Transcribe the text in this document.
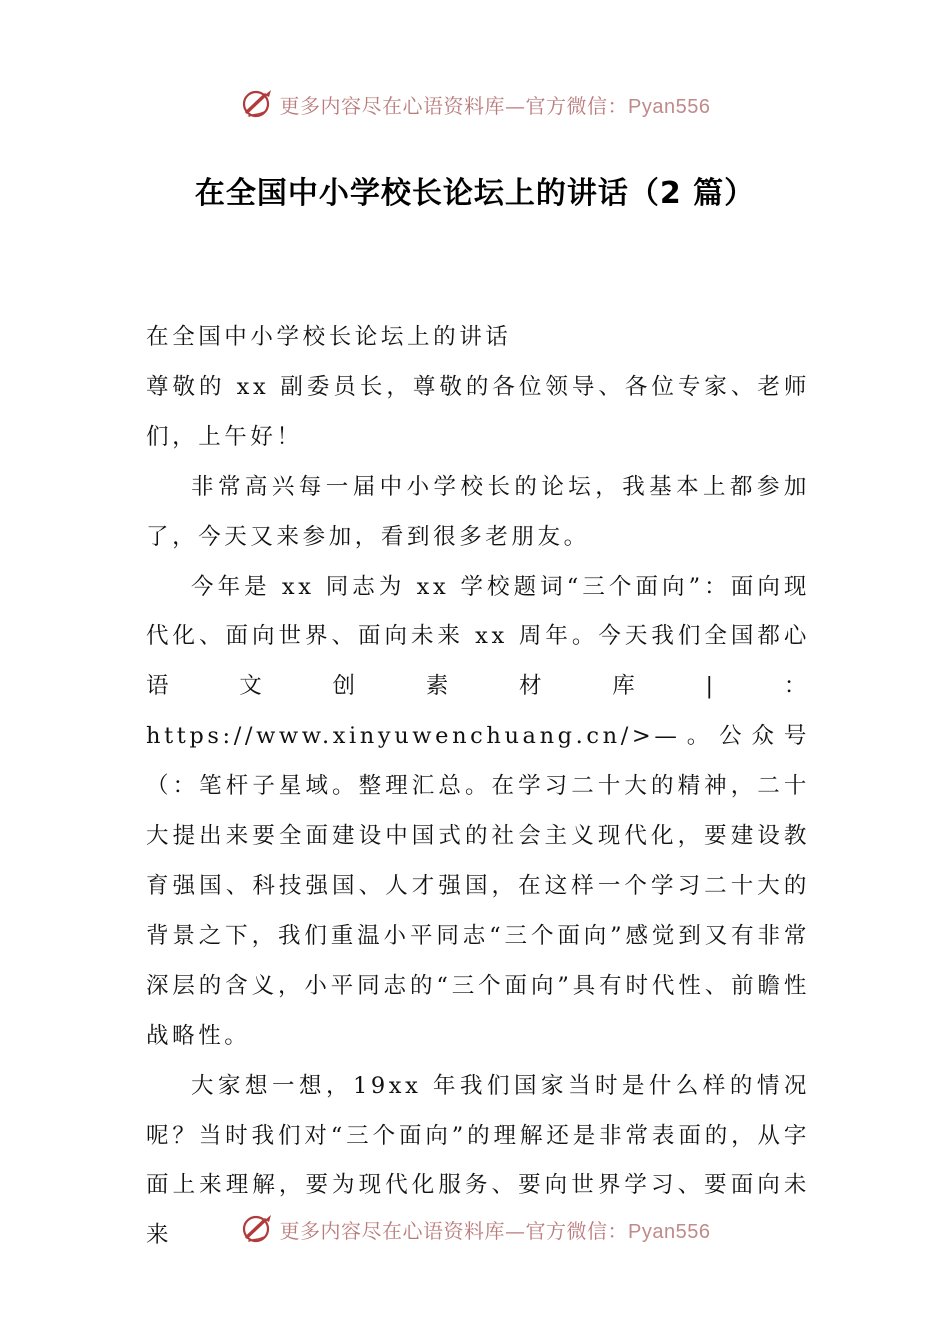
更多内容尽在心语资料库—官方微信：Pyan556
在全国中小学校长论坛上的讲话（2 篇）

在全国中小学校长论坛上的讲话

尊敬的 xx 副委员长，尊敬的各位领导、各位专家、老师们，上午好！

非常高兴每一届中小学校长的论坛，我基本上都参加了，今天又来参加，看到很多老朋友。

今年是 xx 同志为 xx 学校题词“三个面向”：面向现代化、面向世界、面向未来 xx 周年。今天我们全国都心语文创素材库|：https://www.xinyuwenchuang.cn/>—。公众号（：笔杆子星域。整理汇总。在学习二十大的精神，二十大提出来要全面建设中国式的社会主义现代化，要建设教育强国、科技强国、人才强国，在这样一个学习二十大的背景之下，我们重温小平同志“三个面向”感觉到又有非常深层的含义，小平同志的“三个面向”具有时代性、前瞻性战略性。

大家想一想，19xx 年我们国家当时是什么样的情况呢？当时我们对“三个面向”的理解还是非常表面的，从字面上来理解，要为现代化服务、要向世界学习、要面向未来	更多内容尽在心语资料库—官方微信：Pyan556
